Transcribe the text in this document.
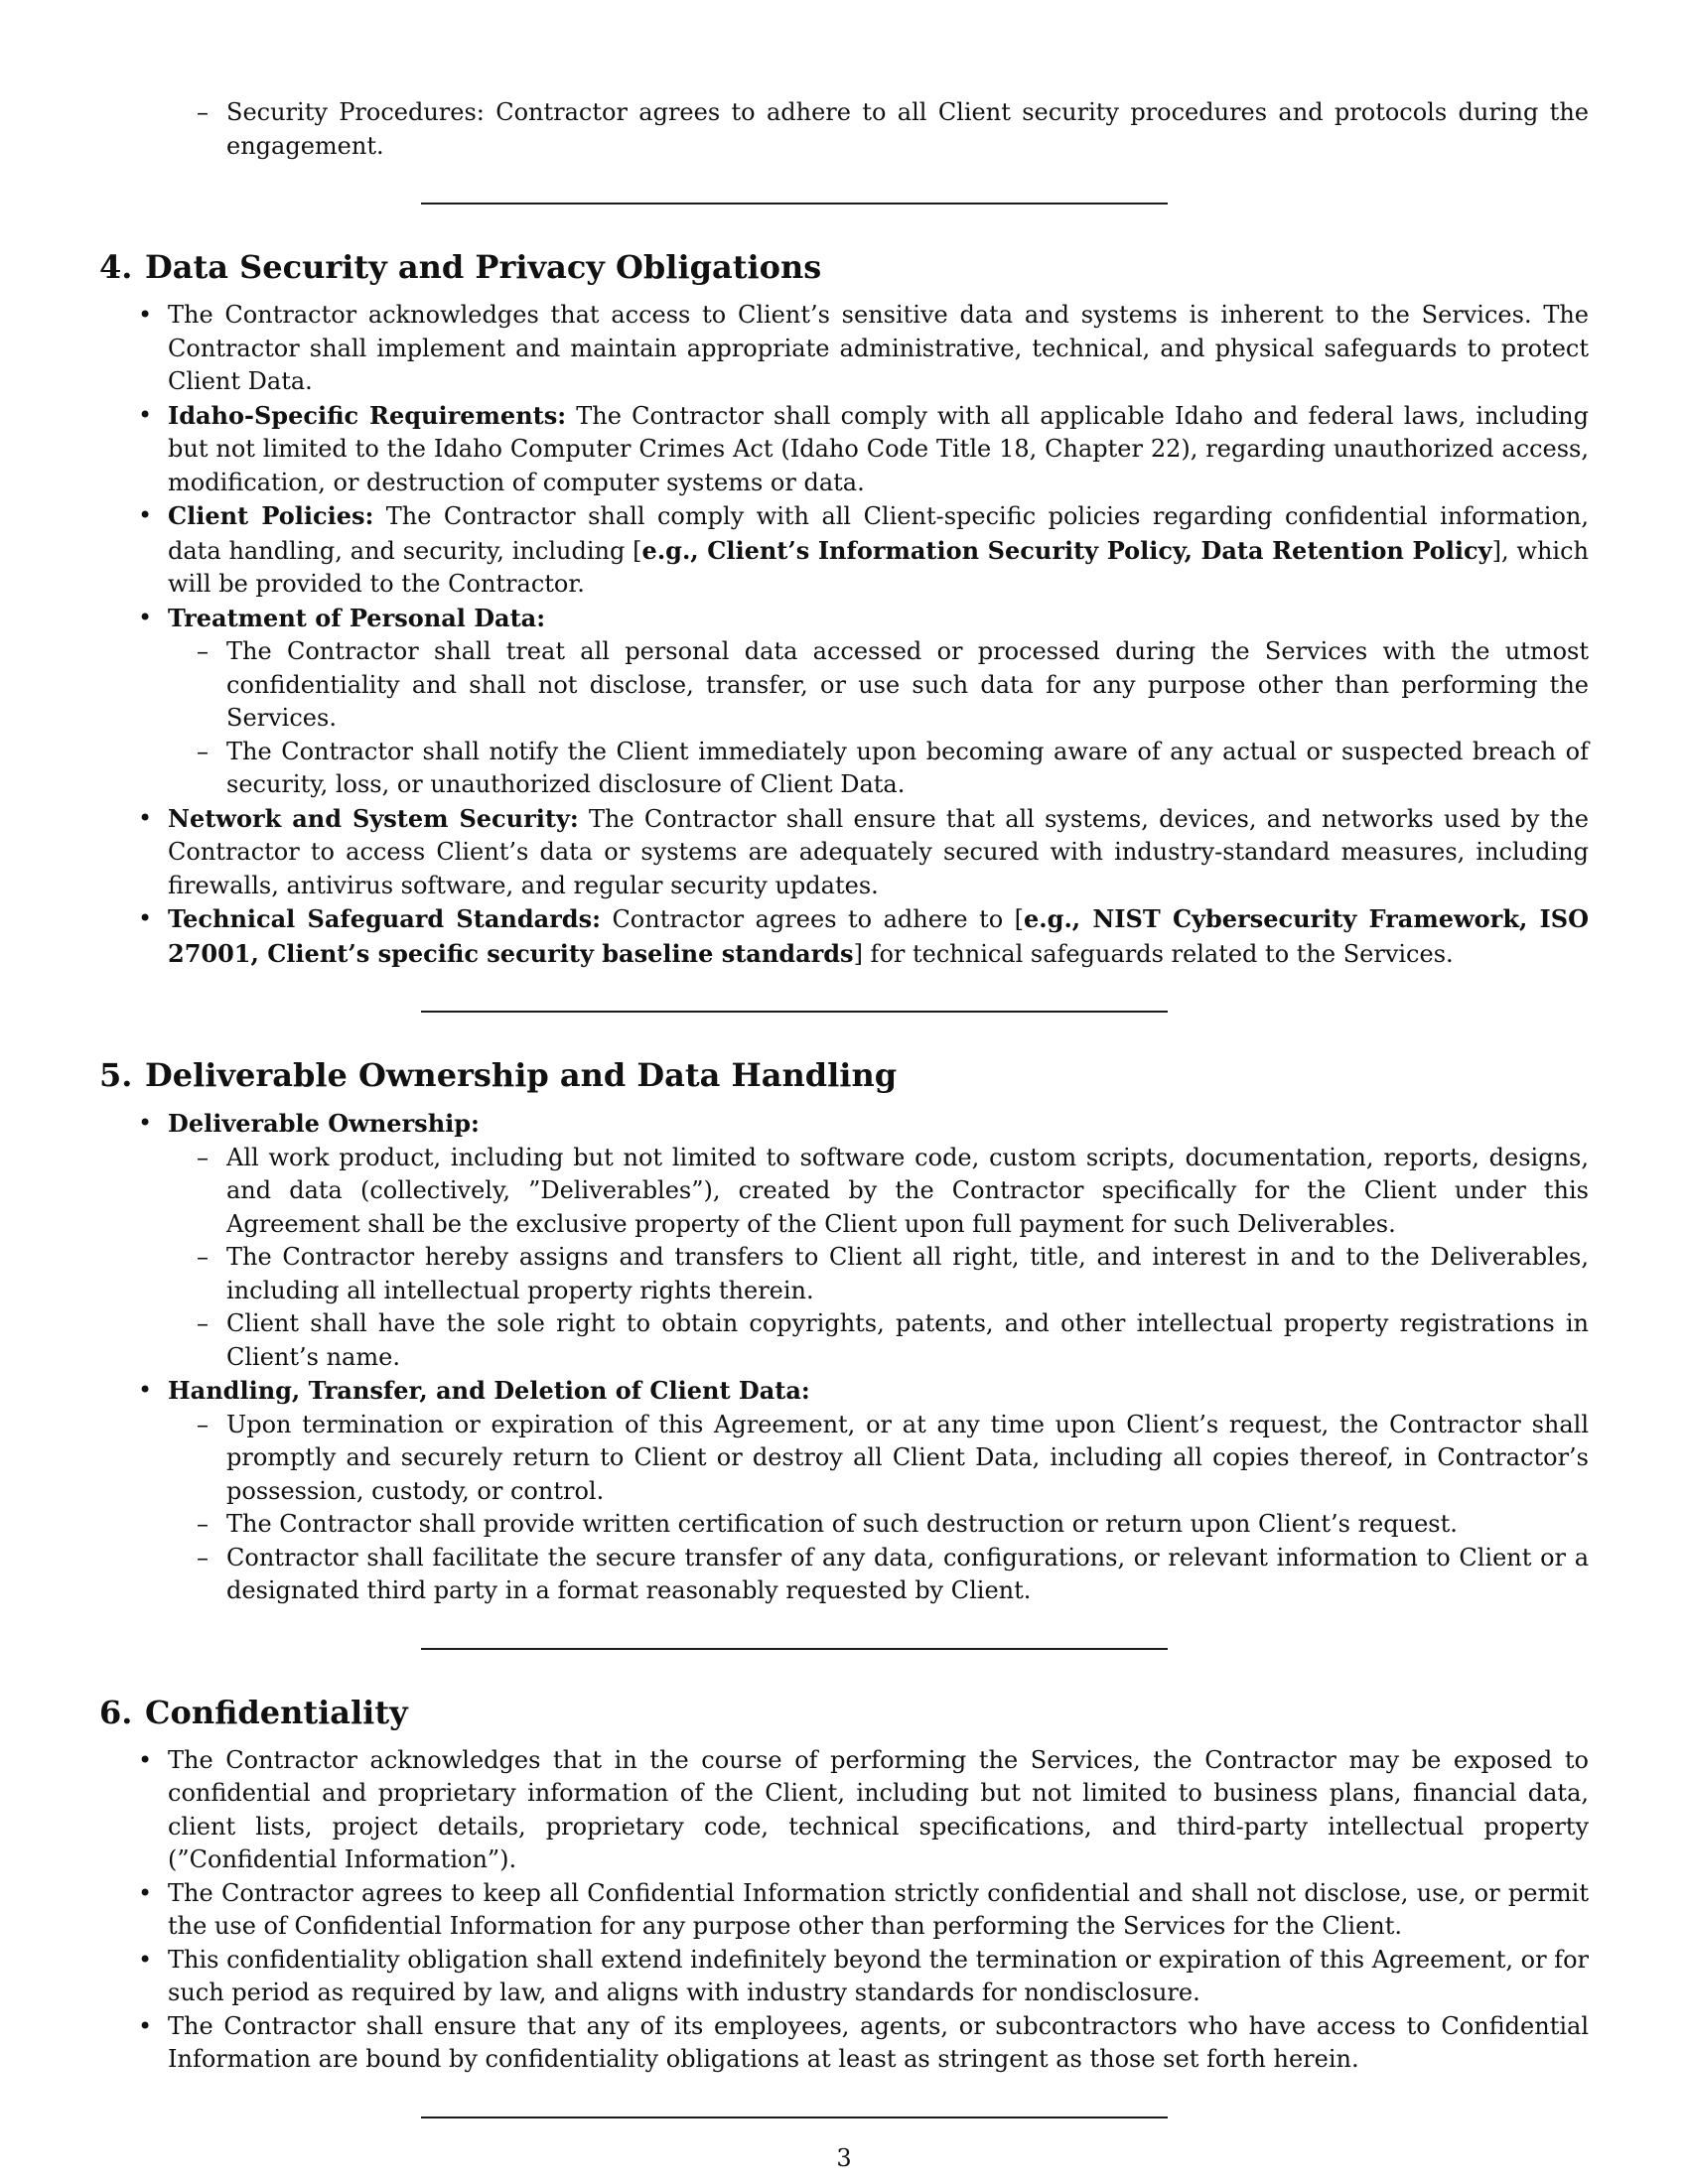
– Security Procedures: Contractor agrees to adhere to all Client security procedures and protocols during the engagement.
4. Data Security and Privacy Obligations
• The Contractor acknowledges that access to Client’s sensitive data and systems is inherent to the Services. The Contractor shall implement and maintain appropriate administrative, technical, and physical safeguards to protect Client Data.
• Idaho-Specific Requirements: The Contractor shall comply with all applicable Idaho and federal laws, including but not limited to the Idaho Computer Crimes Act (Idaho Code Title 18, Chapter 22), regarding unauthorized access, modification, or destruction of computer systems or data.
• Client Policies: The Contractor shall comply with all Client-specific policies regarding confidential information, data handling, and security, including [e.g., Client’s Information Security Policy, Data Retention Policy], which will be provided to the Contractor.
• Treatment of Personal Data:
– The Contractor shall treat all personal data accessed or processed during the Services with the utmost confidentiality and shall not disclose, transfer, or use such data for any purpose other than performing the Services.
– The Contractor shall notify the Client immediately upon becoming aware of any actual or suspected breach of security, loss, or unauthorized disclosure of Client Data.
• Network and System Security: The Contractor shall ensure that all systems, devices, and networks used by the Contractor to access Client’s data or systems are adequately secured with industry-standard measures, including firewalls, antivirus software, and regular security updates.
• Technical Safeguard Standards: Contractor agrees to adhere to [e.g., NIST Cybersecurity Framework, ISO 27001, Client’s specific security baseline standards] for technical safeguards related to the Services.
5. Deliverable Ownership and Data Handling
• Deliverable Ownership:
– All work product, including but not limited to software code, custom scripts, documentation, reports, designs, and data (collectively, ”Deliverables”), created by the Contractor specifically for the Client under this Agreement shall be the exclusive property of the Client upon full payment for such Deliverables.
– The Contractor hereby assigns and transfers to Client all right, title, and interest in and to the Deliverables, including all intellectual property rights therein.
– Client shall have the sole right to obtain copyrights, patents, and other intellectual property registrations in Client’s name.
• Handling, Transfer, and Deletion of Client Data:
– Upon termination or expiration of this Agreement, or at any time upon Client’s request, the Contractor shall promptly and securely return to Client or destroy all Client Data, including all copies thereof, in Contractor’s possession, custody, or control.
– The Contractor shall provide written certification of such destruction or return upon Client’s request.
– Contractor shall facilitate the secure transfer of any data, configurations, or relevant information to Client or a designated third party in a format reasonably requested by Client.
6. Confidentiality
• The Contractor acknowledges that in the course of performing the Services, the Contractor may be exposed to confidential and proprietary information of the Client, including but not limited to business plans, financial data, client lists, project details, proprietary code, technical specifications, and third-party intellectual property (”Confidential Information”).
• The Contractor agrees to keep all Confidential Information strictly confidential and shall not disclose, use, or permit the use of Confidential Information for any purpose other than performing the Services for the Client.
• This confidentiality obligation shall extend indefinitely beyond the termination or expiration of this Agreement, or for such period as required by law, and aligns with industry standards for nondisclosure.
• The Contractor shall ensure that any of its employees, agents, or subcontractors who have access to Confidential Information are bound by confidentiality obligations at least as stringent as those set forth herein.
3
